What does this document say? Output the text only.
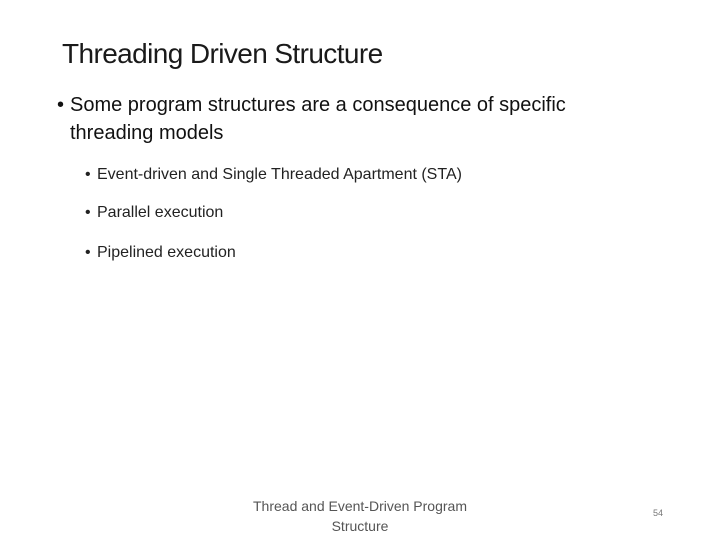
Threading Driven Structure
• Some program structures are a consequence of specific threading models
• Event-driven and Single Threaded Apartment (STA)
• Parallel execution
• Pipelined execution
Thread and Event-Driven Program
Structure
54
